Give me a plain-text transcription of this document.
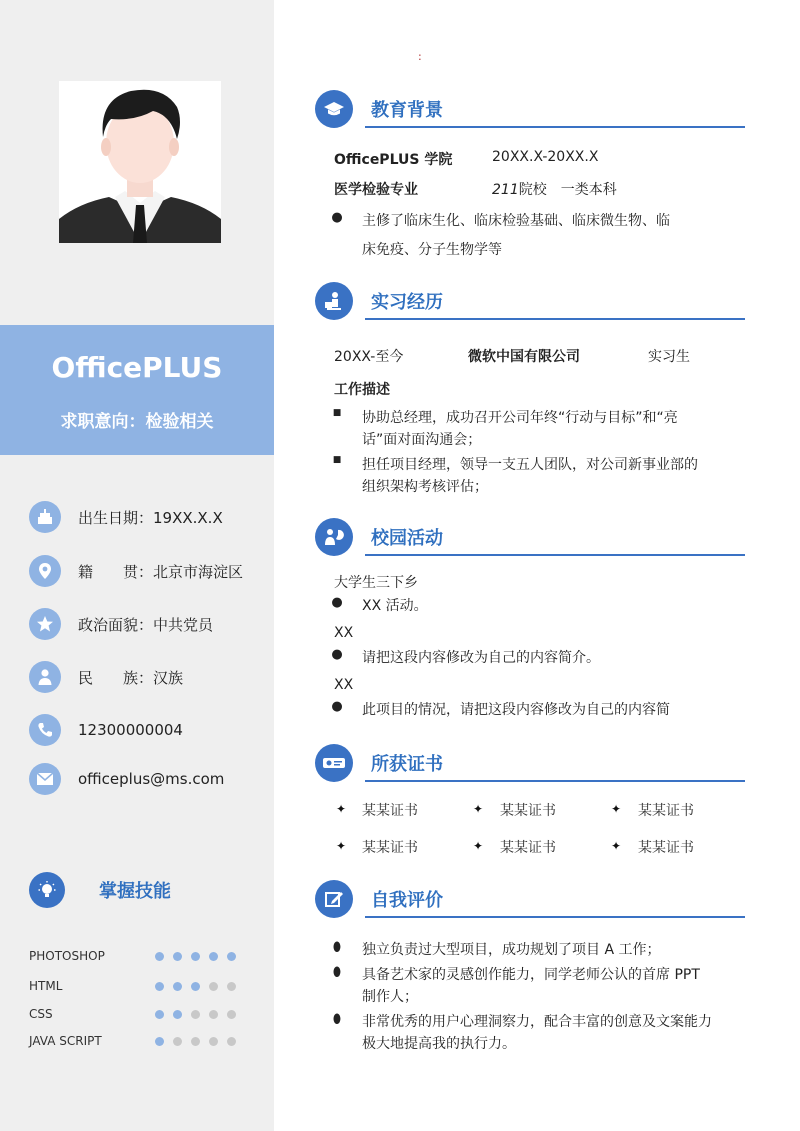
OfficePLUS
求职意向：检验相关
出生日期：19XX.X.X
籍　　贯：北京市海淀区
政治面貌：中共党员
民　　族：汉族
12300000004
officeplus@ms.com
掌握技能
PHOTOSHOP
HTML
CSS
JAVA SCRIPT
:
教育背景
OfficePLUS 学院	20XX.X-20XX.X
医学检验专业	211院校　一类本科
● 主修了临床生化、临床检验基础、临床微生物、临
床免疫、分子生物学等
实习经历
20XX-至今	微软中国有限公司	实习生
工作描述
■ 协助总经理，成功召开公司年终“行动与目标”和“亮
话”面对面沟通会；
■ 担任项目经理，领导一支五人团队，对公司新事业部的
组织架构考核评估；
校园活动
大学生三下乡
● XX 活动。
XX
● 请把这段内容修改为自己的内容简介。
XX
● 此项目的情况，请把这段内容修改为自己的内容简
所获证书
✦ 某某证书	✦ 某某证书	✦ 某某证书
✦ 某某证书	✦ 某某证书	✦ 某某证书
自我评价
⬮ 独立负责过大型项目，成功规划了项目 A 工作；
⬮ 具备艺术家的灵感创作能力，同学老师公认的首席 PPT
制作人；
⬮ 非常优秀的用户心理洞察力，配合丰富的创意及文案能力
极大地提高我的执行力。
